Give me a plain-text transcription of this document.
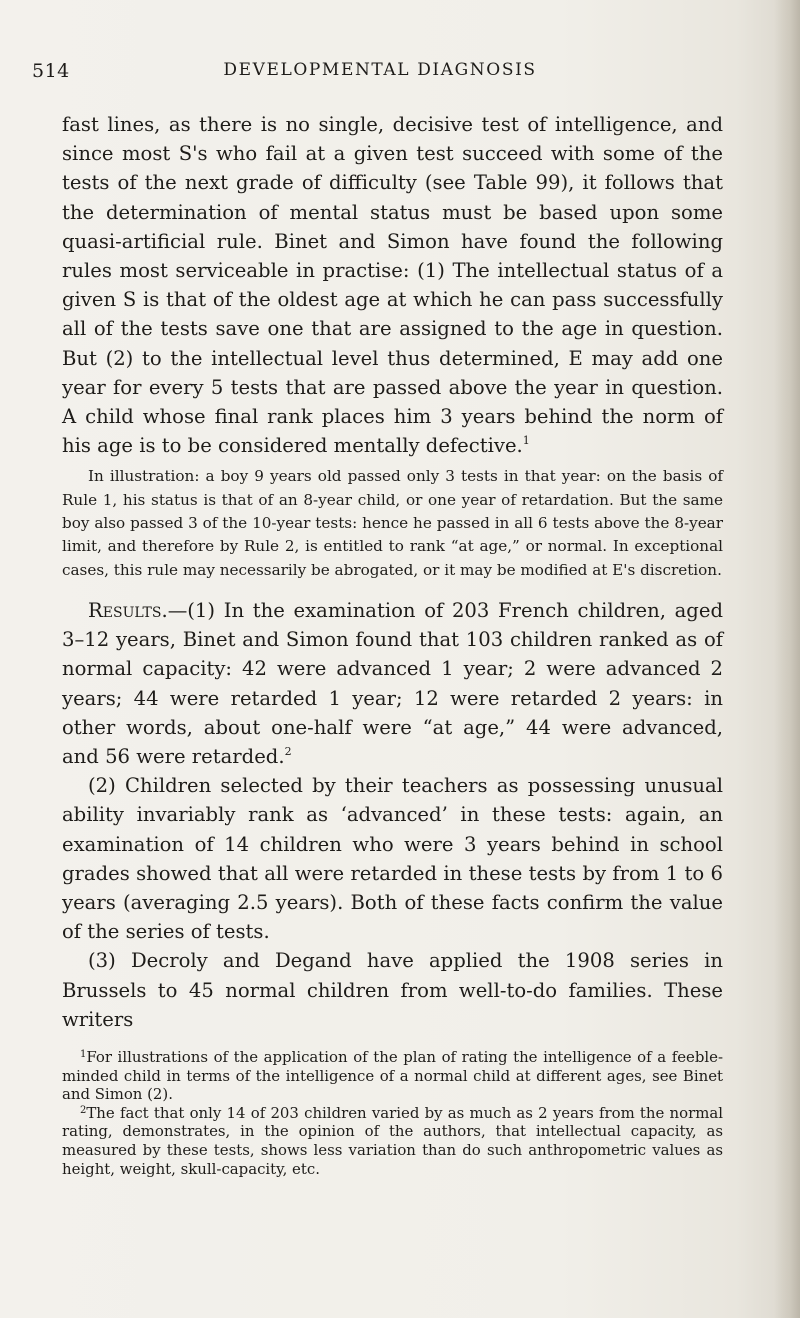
514	DEVELOPMENTAL DIAGNOSIS

fast lines, as there is no single, decisive test of intelligence, and since most S's who fail at a given test succeed with some of the tests of the next grade of difficulty (see Table 99), it follows that the determination of mental status must be based upon some quasi-artificial rule. Binet and Simon have found the following rules most serviceable in practise: (1) The intellectual status of a given S is that of the oldest age at which he can pass successfully all of the tests save one that are assigned to the age in question. But (2) to the intellectual level thus determined, E may add one year for every 5 tests that are passed above the year in question. A child whose final rank places him 3 years behind the norm of his age is to be considered mentally defective.$^1$

In illustration: a boy 9 years old passed only 3 tests in that year: on the basis of Rule 1, his status is that of an 8-year child, or one year of retardation. But the same boy also passed 3 of the 10-year tests: hence he passed in all 6 tests above the 8-year limit, and therefore by Rule 2, is entitled to rank “at age,” or normal. In exceptional cases, this rule may necessarily be abrogated, or it may be modified at E's discretion.

Results.—(1) In the examination of 203 French children, aged 3–12 years, Binet and Simon found that 103 children ranked as of normal capacity: 42 were advanced 1 year; 2 were advanced 2 years; 44 were retarded 1 year; 12 were retarded 2 years: in other words, about one-half were “at age,” 44 were advanced, and 56 were retarded.$^2$

(2) Children selected by their teachers as possessing unusual ability invariably rank as ‘advanced’ in these tests: again, an examination of 14 children who were 3 years behind in school grades showed that all were retarded in these tests by from 1 to 6 years (averaging 2.5 years). Both of these facts confirm the value of the series of tests.

(3) Decroly and Degand have applied the 1908 series in Brussels to 45 normal children from well-to-do families. These writers

$^1$For illustrations of the application of the plan of rating the intelligence of a feeble-minded child in terms of the intelligence of a normal child at different ages, see Binet and Simon (2).

$^2$The fact that only 14 of 203 children varied by as much as 2 years from the normal rating, demonstrates, in the opinion of the authors, that intellectual capacity, as measured by these tests, shows less variation than do such anthropometric values as height, weight, skull-capacity, etc.
